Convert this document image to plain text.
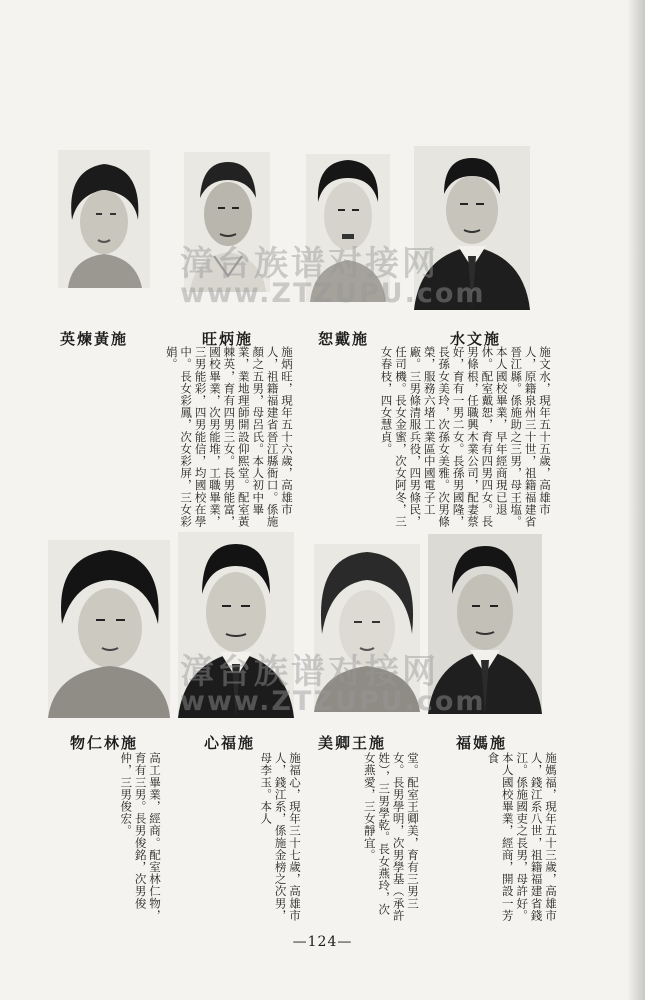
英煉黃施	旺炳施	恕戴施	水文施
施文水，現年五十五歲，高雄市人，原籍泉州三十世，祖籍福建省晉江縣。係施助之三男，母王塩。本人國校畢業，早年經商現已退休。配室戴恕，育有四男四女。長男條根，任職興木業公司，配妻蔡好，育有一男二女。長孫男國隆，長孫女美玲，次孫女美雅。次男條榮，服務六堵工業區中國電子工廠。三男條清服兵役，四男條民，任司機。長女金蜜，次女阿冬，三女春枝，四女慧貞。
施炳旺，現年五十六歲，高雄市人，祖籍福建省晉江縣衙口。係施顏之五男，母呂氏。本人初中畢業，業地理師開設仰熙堂。配室黃棘英，育有四男三女。長男能富，國校畢業，次男能堆，工職畢業，三男能彩，四男能信，均國校在學中。長女彩鳳，次女彩屏，三女彩娟。
物仁林施	心福施	美卿王施	福媽施
施媽福，現年五十三歲，高雄市人，錢江系八世，祖籍福建省錢江。係施國吏之長男，母許好。本人國校畢業，經商，開設一芳食
堂。配室王卿美，育有三男三女。長男學明，次男學基（承許姓），三男學乾。長女燕玲，次女燕愛，三女靜宜。
施福心，現年三十七歲，高雄市人，錢江系，係施金榜之次男，母李玉。本人
高工畢業，經商。配室林仁物，育有三男。長男俊銘，次男俊仲，三男俊宏。
漳台族谱对接网
www.ZTZUPU.com
漳台族谱对接网
www.ZTZUPU.com
—124—
